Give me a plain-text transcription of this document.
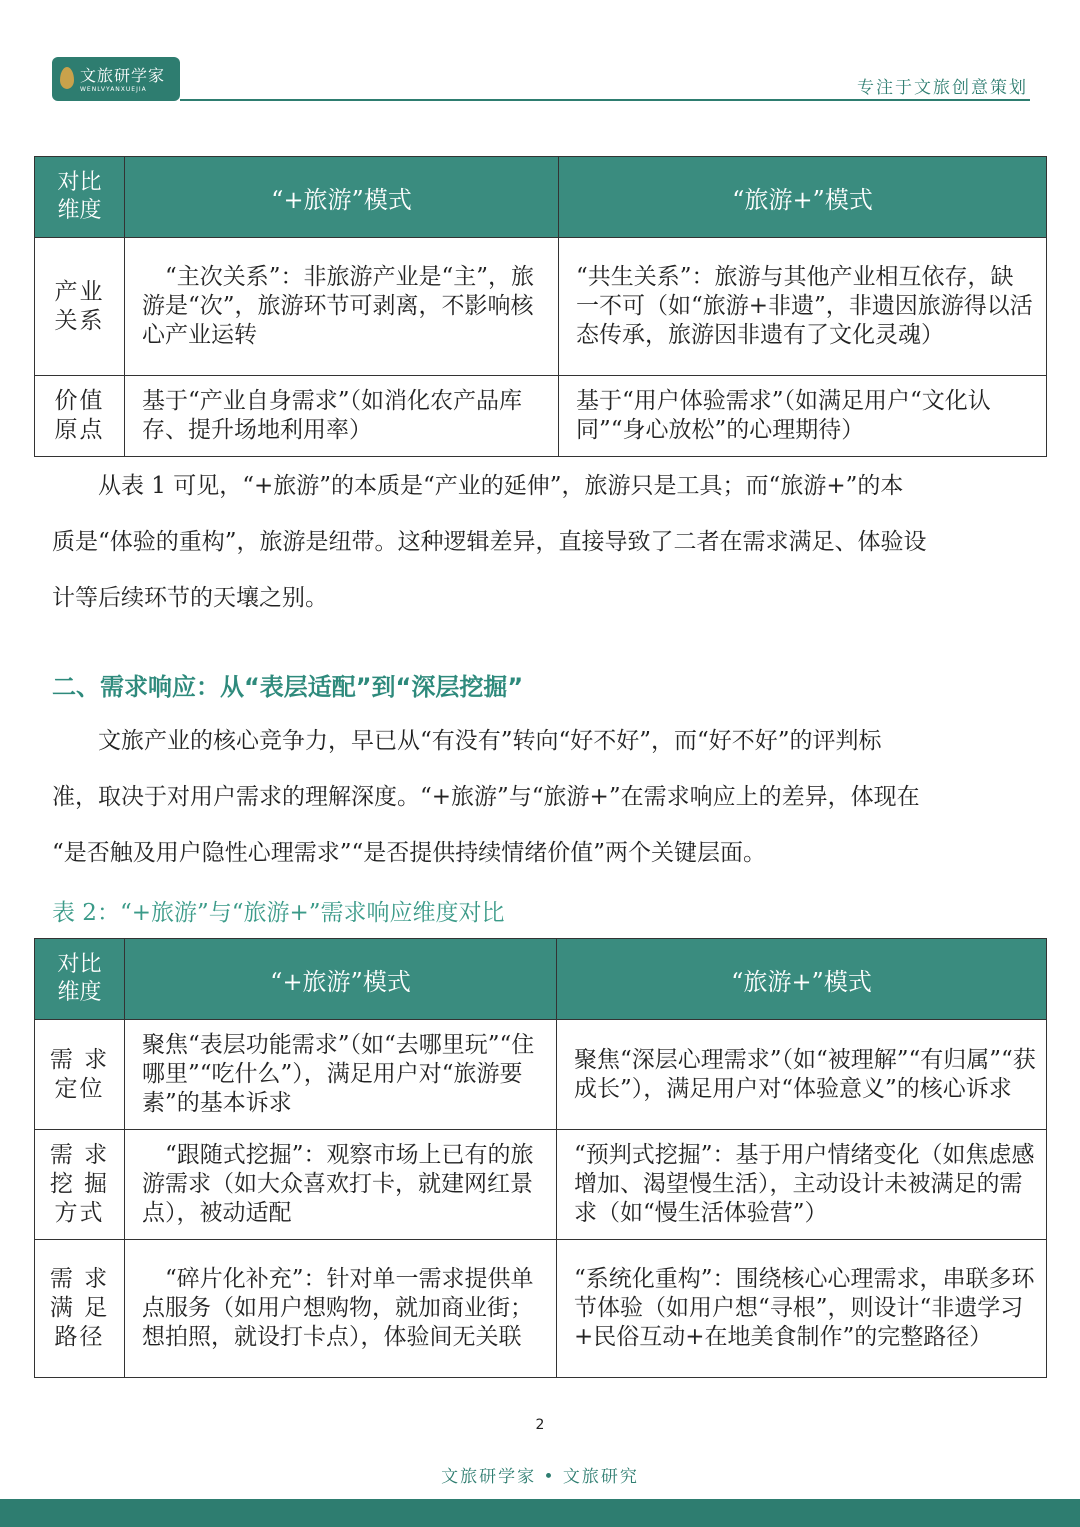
文旅研学家
WENLVYANXUEJIA	专注于文旅创意策划
对比
维度	“+旅游”模式	“旅游+”模式

产业
关系	“主次关系”：非旅游产业是“主”，旅游是“次”，旅游环节可剥离，不影响核心产业运转	“共生关系”：旅游与其他产业相互依存，缺一不可（如“旅游+非遗”，非遗因旅游得以活态传承，旅游因非遗有了文化灵魂）

价值
原点	基于“产业自身需求”（如消化农产品库存、提升场地利用率）	基于“用户体验需求”（如满足用户“文化认同”“身心放松”的心理期待）
从表 1 可见，“+旅游”的本质是“产业的延伸”，旅游只是工具；而“旅游+”的本
质是“体验的重构”，旅游是纽带。这种逻辑差异，直接导致了二者在需求满足、体验设
计等后续环节的天壤之别。
二、需求响应：从“表层适配”到“深层挖掘”
文旅产业的核心竞争力，早已从“有没有”转向“好不好”，而“好不好”的评判标
准，取决于对用户需求的理解深度。“+旅游”与“旅游+”在需求响应上的差异，体现在
“是否触及用户隐性心理需求”“是否提供持续情绪价值”两个关键层面。
表 2：“+旅游”与“旅游+”需求响应维度对比
对比
维度	“+旅游”模式	“旅游+”模式

需 求
定位	聚焦“表层功能需求”（如“去哪里玩”“住哪里”“吃什么”），满足用户对“旅游要素”的基本诉求	聚焦“深层心理需求”（如“被理解”“有归属”“获成长”），满足用户对“体验意义”的核心诉求

需 求
挖 掘
方式	“跟随式挖掘”：观察市场上已有的旅游需求（如大众喜欢打卡，就建网红景点），被动适配	“预判式挖掘”：基于用户情绪变化（如焦虑感增加、渴望慢生活），主动设计未被满足的需求（如“慢生活体验营”）

需 求
满 足
路径	“碎片化补充”：针对单一需求提供单点服务（如用户想购物，就加商业街；想拍照，就设打卡点），体验间无关联	“系统化重构”：围绕核心心理需求，串联多环节体验（如用户想“寻根”，则设计“非遗学习+民俗互动+在地美食制作”的完整路径）
2
文旅研学家 • 文旅研究
